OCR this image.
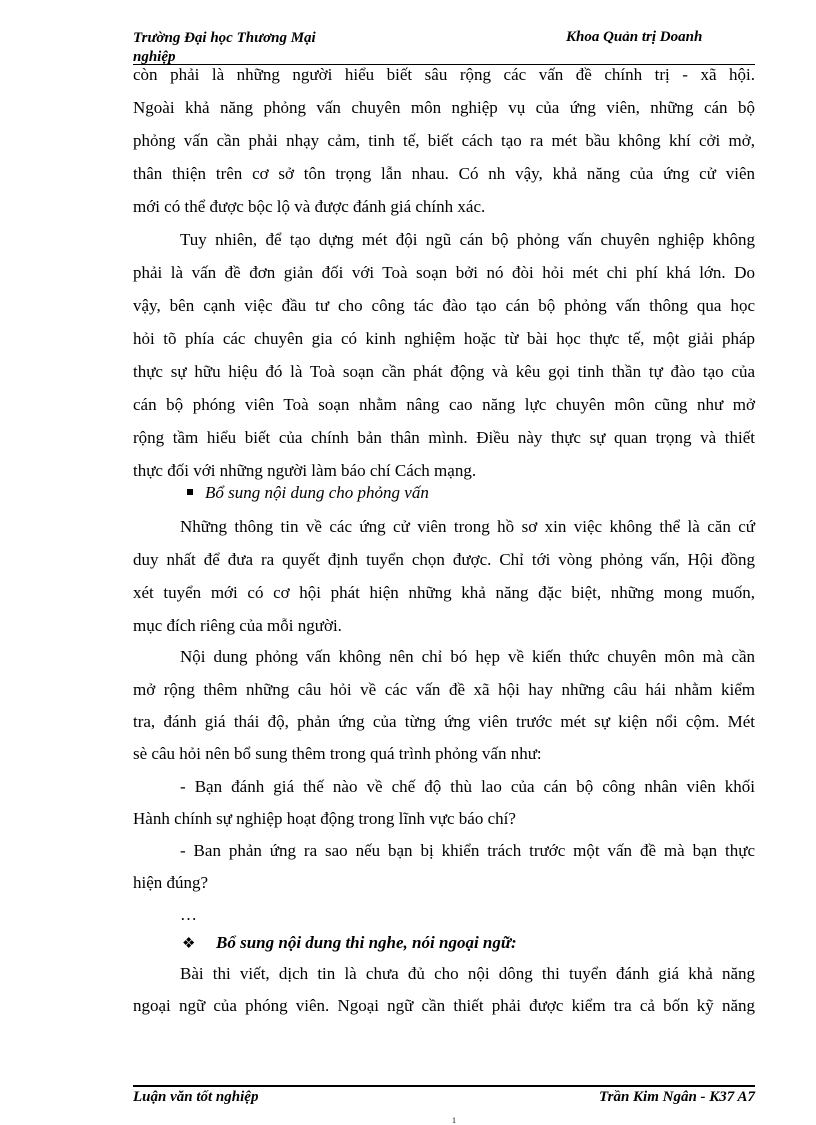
Trường Đại học Thương Mại nghiệp
Khoa Quản trị Doanh
còn phải là những người hiểu biết sâu rộng các vấn đề chính trị - xã hội.
Ngoài khả năng phỏng vấn chuyên môn nghiệp vụ của ứng viên, những cán bộ
phỏng vấn cần phải nhạy cảm, tinh tế, biết cách tạo ra mét bầu không khí cởi mở,
thân thiện trên cơ sở tôn trọng lẫn nhau. Có nh vậy, khả năng của ứng cử viên
mới có thể được bộc lộ và được đánh giá chính xác.
Tuy nhiên, để tạo dựng mét đội ngũ cán bộ phỏng vấn chuyên nghiệp không
phải là vấn đề đơn giản đối với Toà soạn bởi nó đòi hỏi mét chi phí khá lớn. Do
vậy, bên cạnh việc đầu tư cho công tác đào tạo cán bộ phỏng vấn thông qua học
hỏi tõ phía các chuyên gia có kinh nghiệm hoặc từ bài học thực tế, một giải pháp
thực sự hữu hiệu đó là Toà soạn cần phát động và kêu gọi tinh thần tự đào tạo của
cán bộ phóng viên Toà soạn nhằm nâng cao năng lực chuyên môn cũng như mở
rộng tầm hiểu biết của chính bản thân mình. Điều này thực sự quan trọng và thiết
thực đối với những người làm báo chí Cách mạng.
Bổ sung nội dung cho phỏng vấn
Những thông tin về các ứng cử viên trong hồ sơ xin việc không thể là căn cứ
duy nhất để đưa ra quyết định tuyển chọn được. Chỉ tới vòng phỏng vấn, Hội đồng
xét tuyển mới có cơ hội phát hiện những khả năng đặc biệt, những mong muốn,
mục đích riêng của mỗi người.
Nội dung phỏng vấn không nên chỉ bó hẹp về kiến thức chuyên môn mà cần
mở rộng thêm những câu hỏi về các vấn đề xã hội hay những câu hái nhằm kiểm
tra, đánh giá thái độ, phản ứng của từng ứng viên trước mét sự kiện nổi cộm. Mét
sè câu hỏi nên bổ sung thêm trong quá trình phỏng vấn như:
- Bạn đánh giá thế nào về chế độ thù lao của cán bộ công nhân viên khối
Hành chính sự nghiệp hoạt động trong lĩnh vực báo chí?
- Ban phản ứng ra sao nếu bạn bị khiển trách trước một vấn đề mà bạn thực
hiện đúng?
…
❖ Bổ sung nội dung thi nghe, nói ngoại ngữ:
Bài thi viết, dịch tin là chưa đủ cho nội dông thi tuyển đánh giá khả năng
ngoại ngữ của phóng viên. Ngoại ngữ cần thiết phải được kiểm tra cả bốn kỹ năng
Luận văn tốt nghiệp	Trần Kim Ngân - K37 A7
1
